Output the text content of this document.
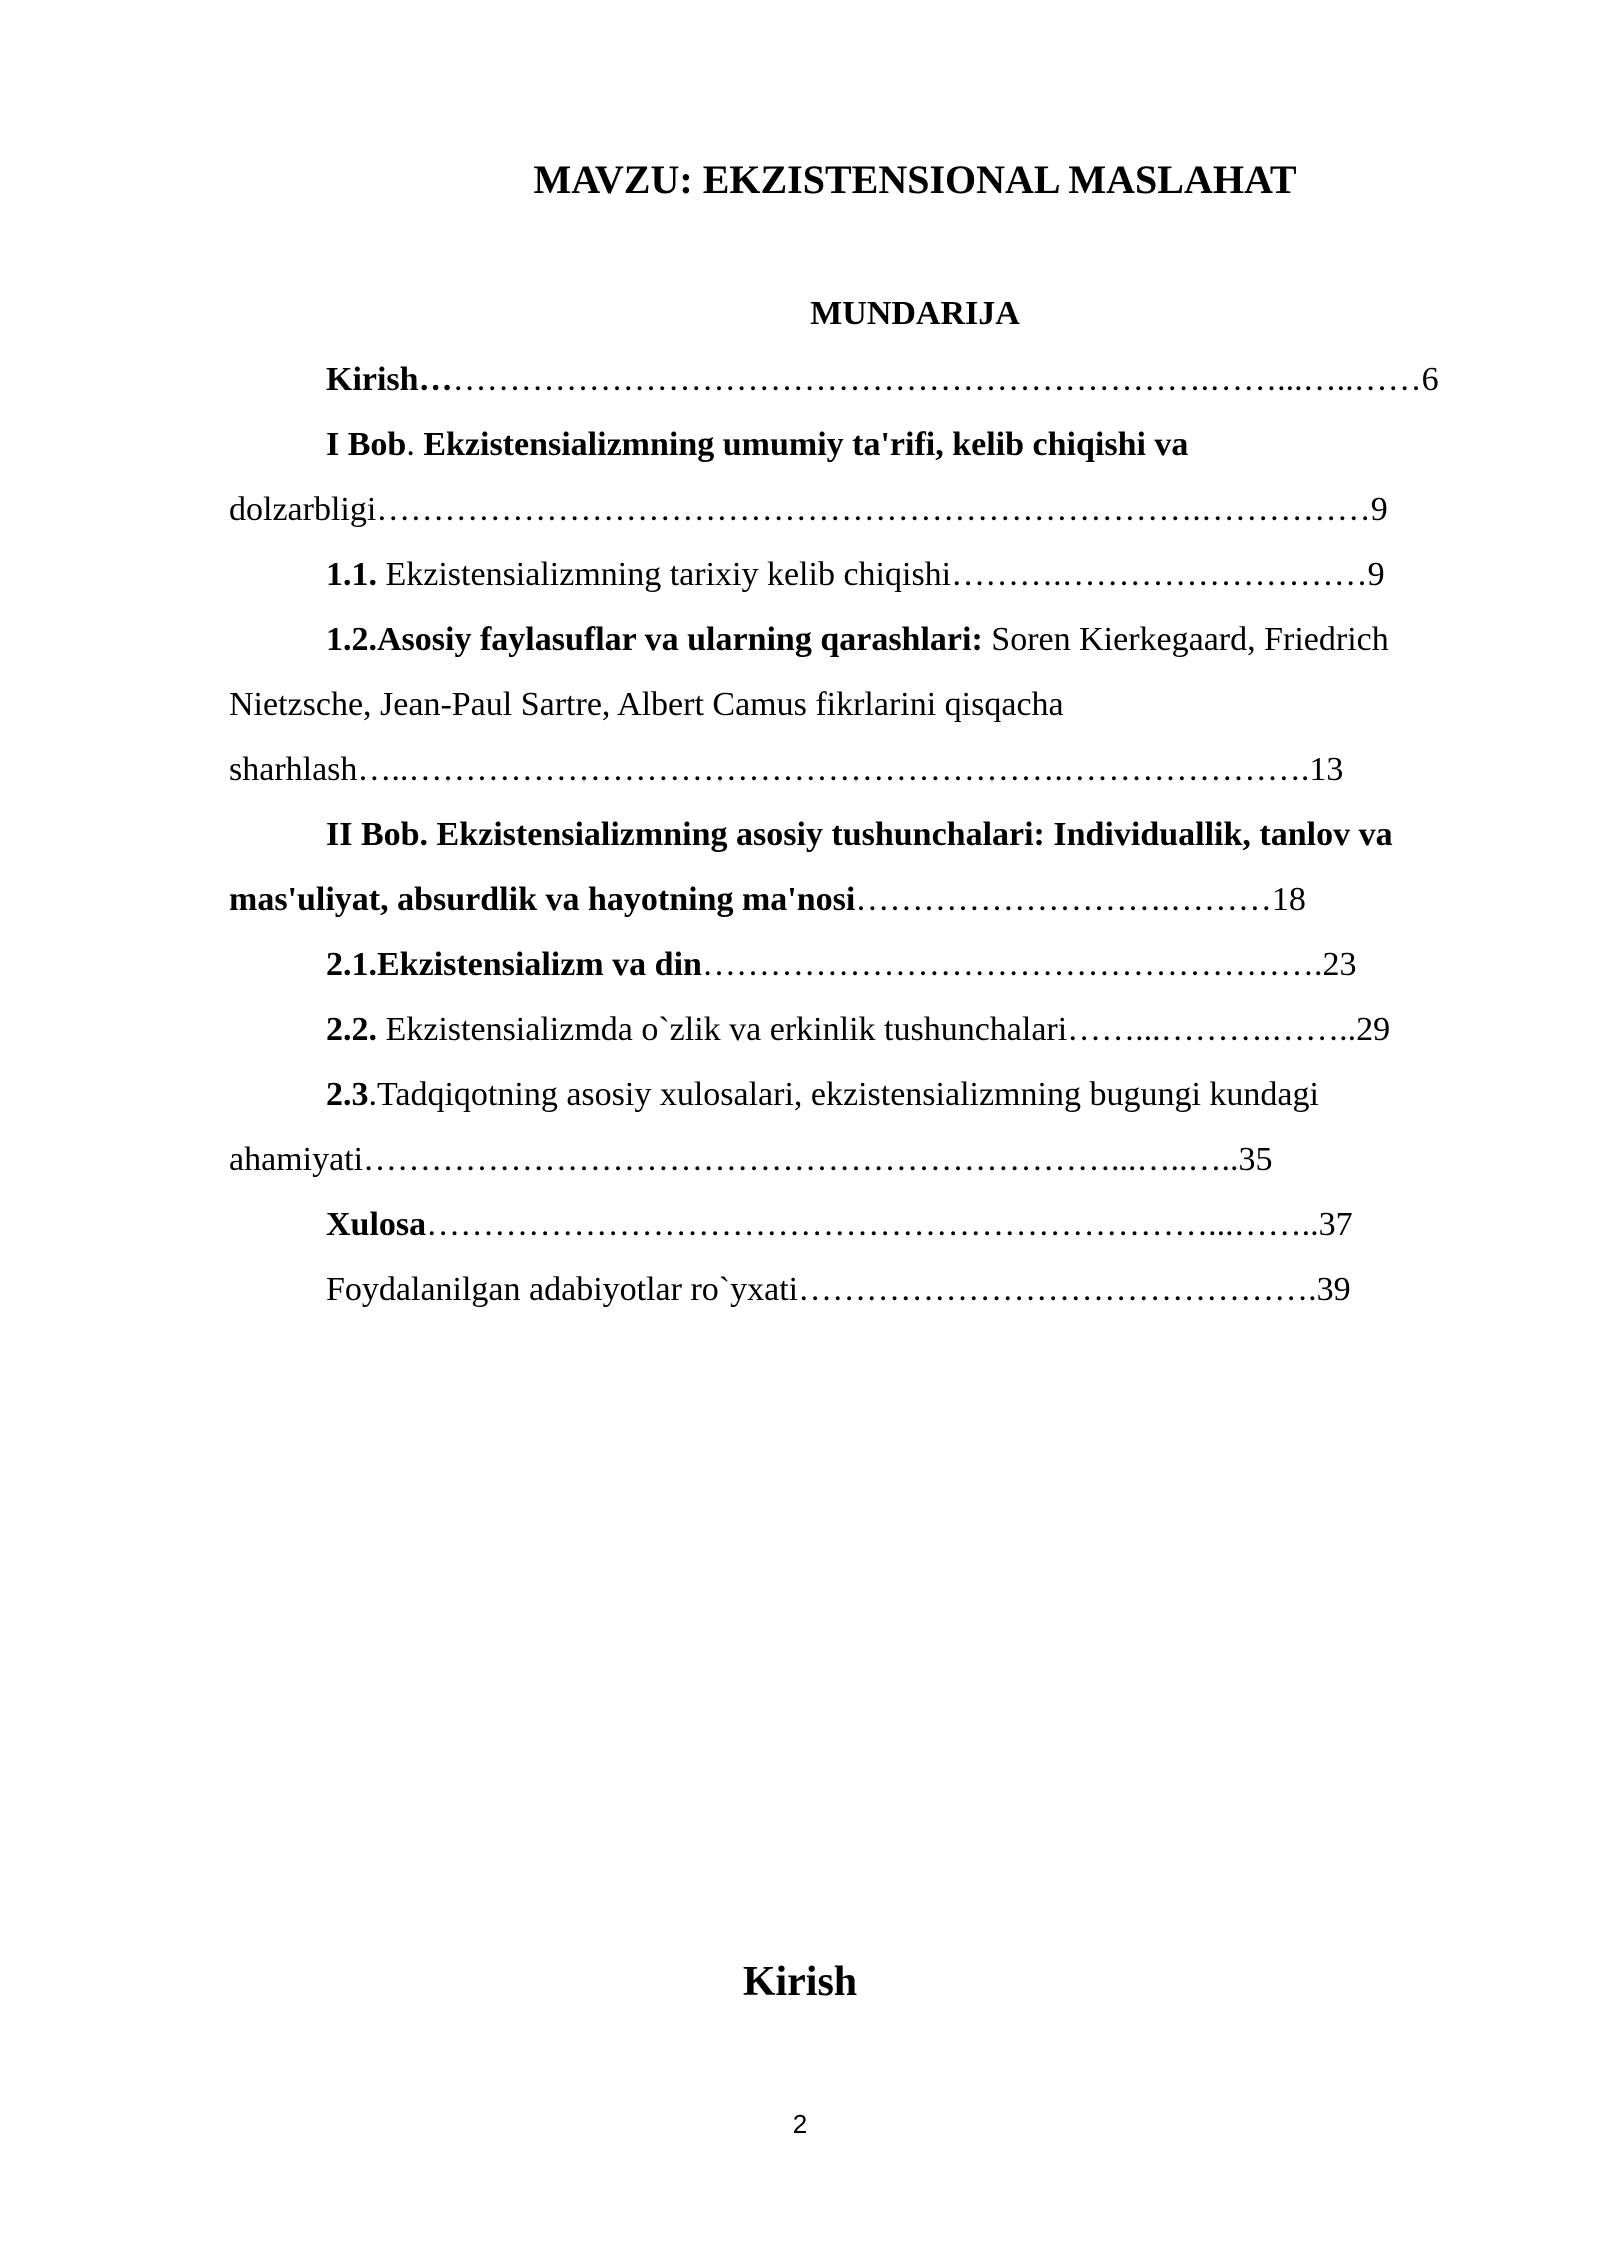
MAVZU: EKZISTENSIONAL MASLAHAT
MUNDARIJA
Kirish…………………………………………………………….……...…..……6
I Bob. Ekzistensializmning umumiy ta'rifi, kelib chiqishi va
dolzarbligi……………………………………………………………….……………9
1.1. Ekzistensializmning tarixiy kelib chiqishi……….………………………9
1.2.Asosiy faylasuflar va ularning qarashlari: Soren Kierkegaard, Friedrich
Nietzsche, Jean-Paul Sartre, Albert Camus fikrlarini qisqacha
sharhlash…..………………………………………………….………………….13
II Bob. Ekzistensializmning asosiy tushunchalari: Individuallik, tanlov va
mas'uliyat, absurdlik va hayotning ma'nosi……………………….………18
2.1.Ekzistensializm va din……………………………………………….23
2.2. Ekzistensializmda o`zlik va erkinlik tushunchalari……...……….……..29
2.3.Tadqiqotning asosiy xulosalari, ekzistensializmning bugungi kundagi
ahamiyati…………………………………………………………...…..…..35
Xulosa……………………………………………………………...……..37
Foydalanilgan adabiyotlar ro`yxati……………………………………….39
Kirish
2
